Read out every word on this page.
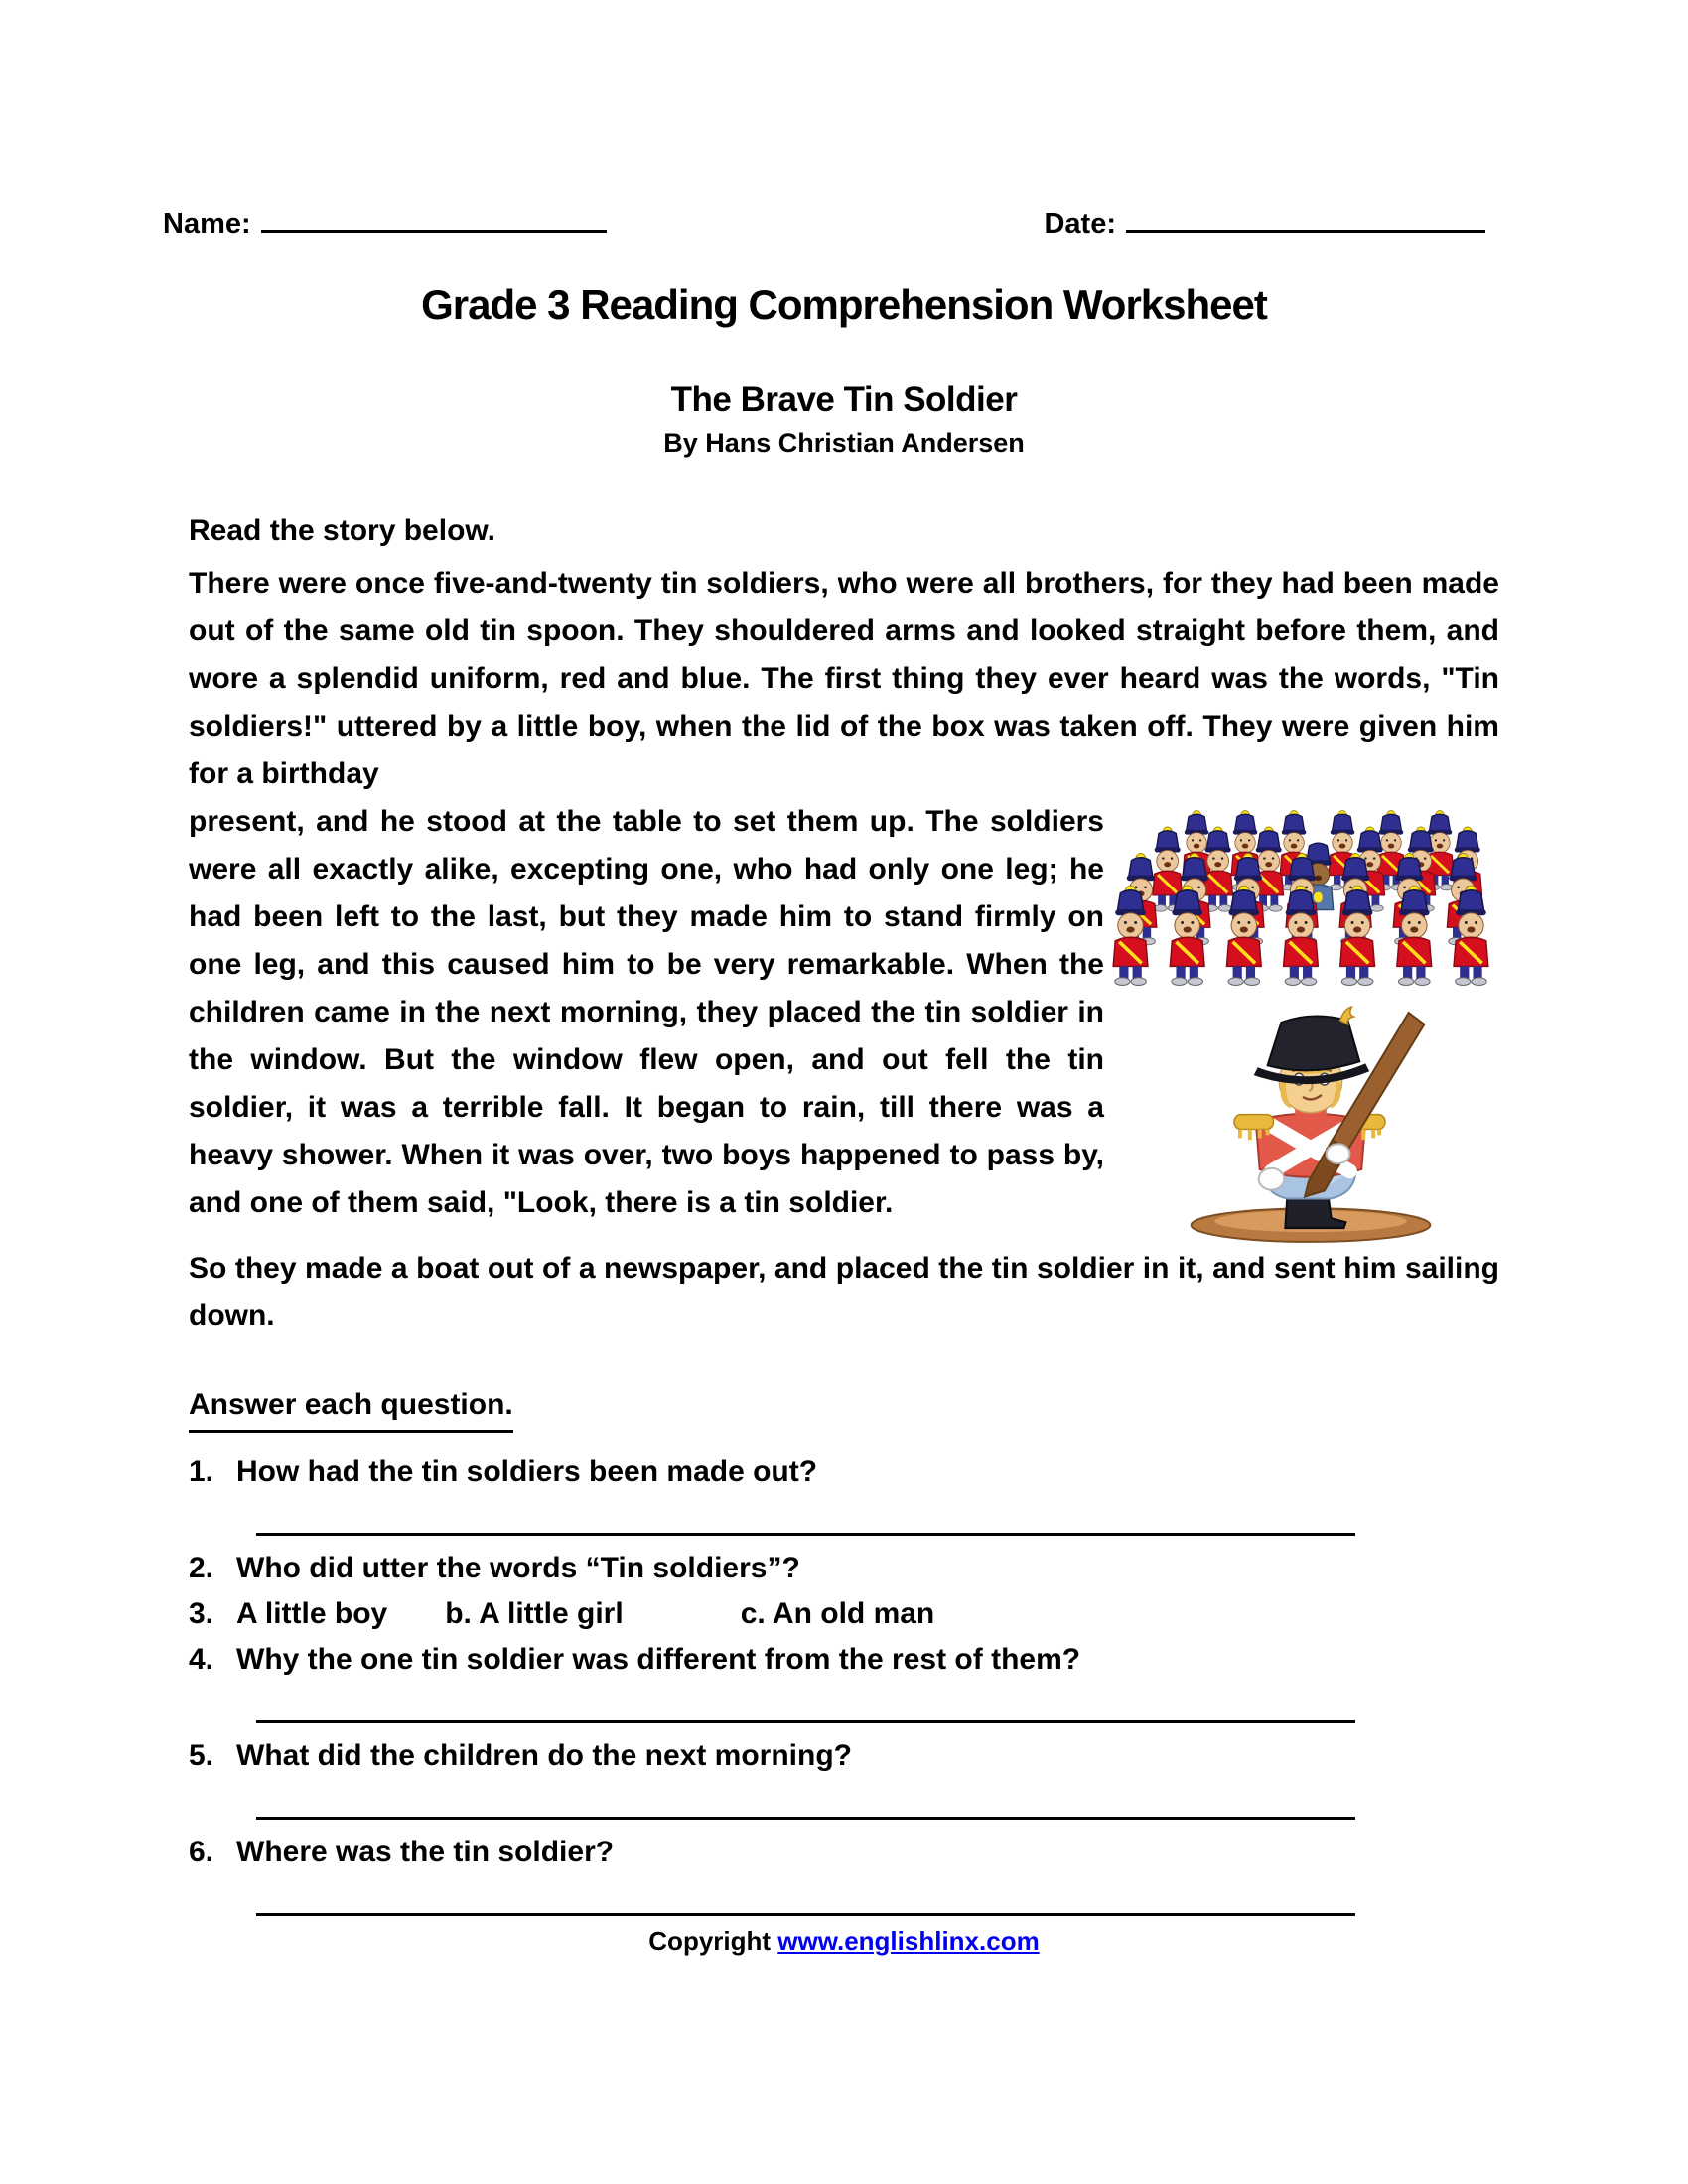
Name:	Date:
Grade 3 Reading Comprehension Worksheet
The Brave Tin Soldier
By Hans Christian Andersen

Read the story below.

There were once five-and-twenty tin soldiers, who were all brothers, for they had been made out of the same old tin spoon. They shouldered arms and looked straight before them, and wore a splendid uniform, red and blue. The first thing they ever heard was the words, "Tin soldiers!" uttered by a little boy, when the lid of the box was taken off. They were given him for a birthday

present, and he stood at the table to set them up. The soldiers were all exactly alike, excepting one, who had only one leg; he had been left to the last, but they made him to stand firmly on one leg, and this caused him to be very remarkable. When the children came in the next morning, they placed the tin soldier in the window. But the window flew open, and out fell the tin soldier, it was a terrible fall. It began to rain, till there was a heavy shower. When it was over, two boys happened to pass by, and one of them said, "Look, there is a tin soldier.

So they made a boat out of a newspaper, and placed the tin soldier in it, and sent him sailing down.

Answer each question.

1. How had the tin soldiers been made out?
2. Who did utter the words “Tin soldiers”?
3. A little boy b. A little girl	c. An old man
4. Why the one tin soldier was different from the rest of them?
5. What did the children do the next morning?
6. Where was the tin soldier?
Copyright www.englishlinx.com
